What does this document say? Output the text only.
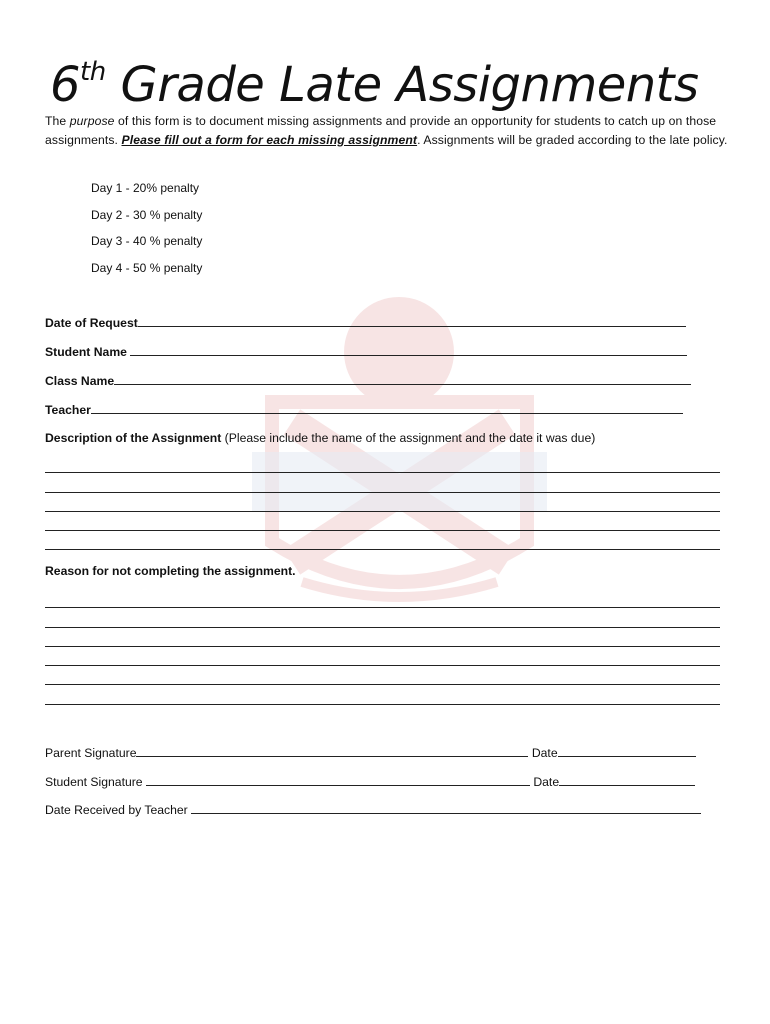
6th Grade Late Assignments

The purpose of this form is to document missing assignments and provide an opportunity for students to catch up on those assignments. Please fill out a form for each missing assignment. Assignments will be graded according to the late policy.

Day 1 - 20% penalty
Day 2 - 30 % penalty
Day 3 - 40 % penalty
Day 4 - 50 % penalty
Date of Request
Student Name
Class Name
Teacher
Description of the Assignment (Please include the name of the assignment and the date it was due)
Reason for not completing the assignment.
Parent Signature	Date
Student Signature	Date
Date Received by Teacher
